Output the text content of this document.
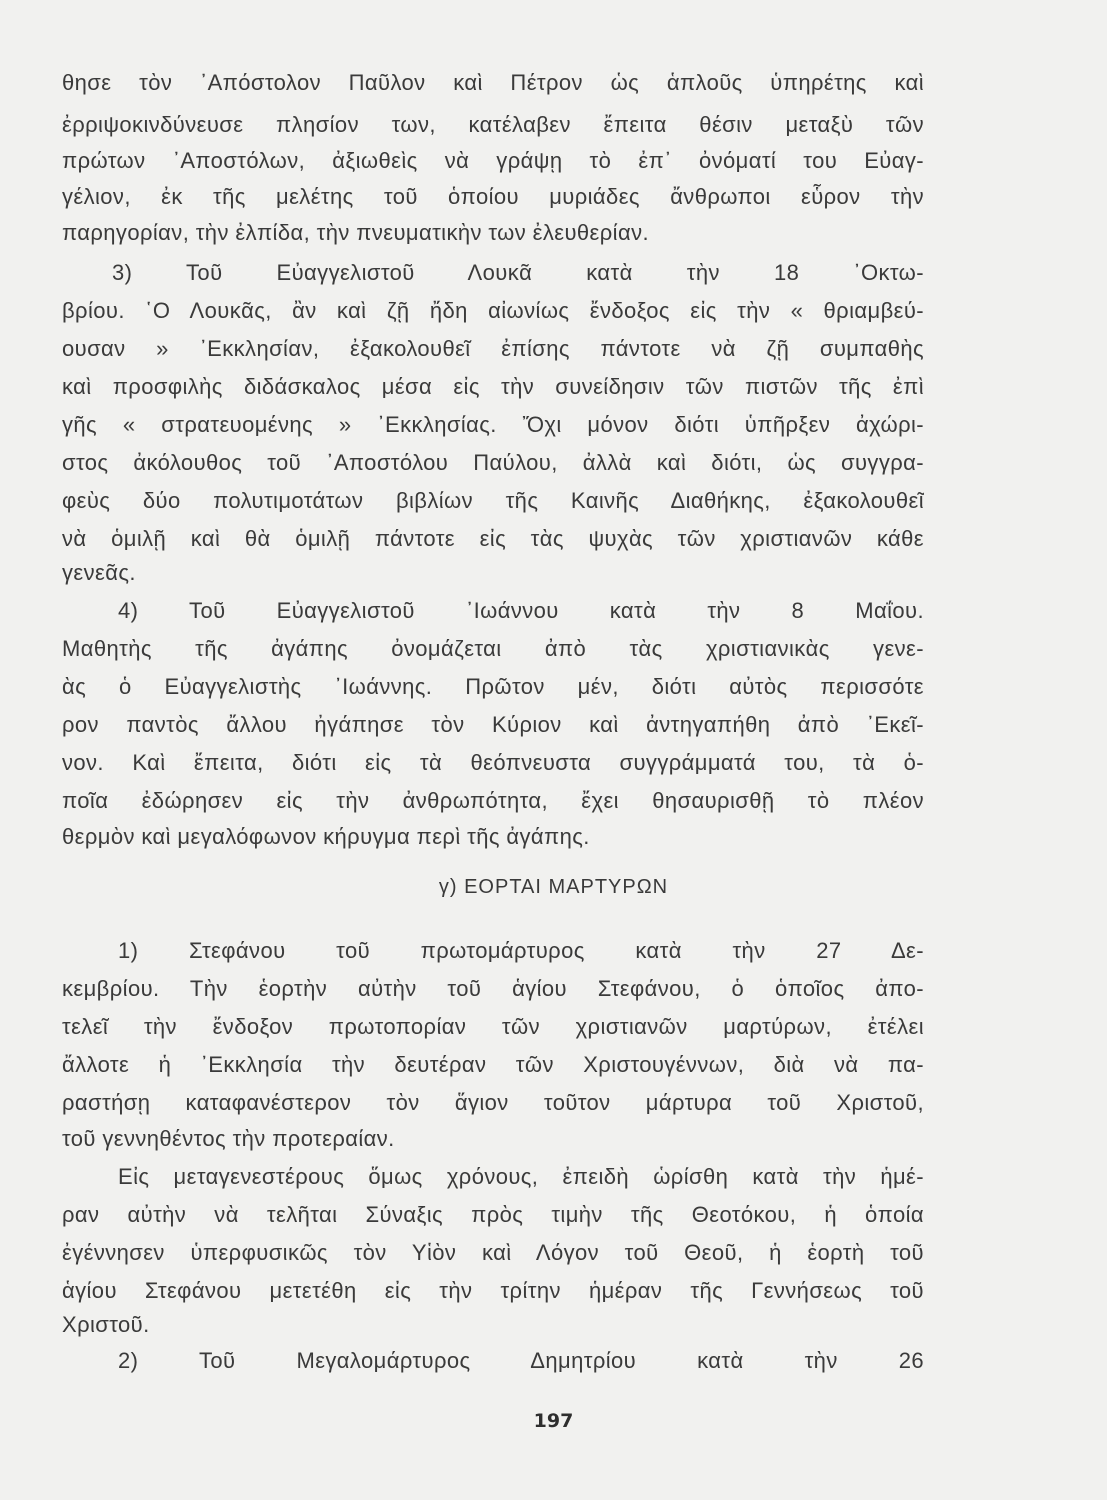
θησε τὸν ᾿Απόστολον Παῦλον καὶ Πέτρον ὡς ἁπλοῦς ὑπηρέτης καὶ
ἐρριψοκινδύνευσε πλησίον των, κατέλαβεν ἔπειτα θέσιν μεταξὺ τῶν
πρώτων ᾿Αποστόλων, ἀξιωθεὶς νὰ γράψῃ τὸ ἐπ᾿ ὀνόματί του Εὐαγ-
γέλιον, ἐκ τῆς μελέτης τοῦ ὁποίου μυριάδες ἄνθρωποι εὗρον τὴν
παρηγορίαν, τὴν ἐλπίδα, τὴν πνευματικὴν των ἐλευθερίαν.
3) Τοῦ Εὐαγγελιστοῦ Λουκᾶ κατὰ τὴν 18 ᾿Οκτω-
βρίου. ῾Ο Λουκᾶς, ἂν καὶ ζῇ ἤδη αἰωνίως ἔνδοξος εἰς τὴν « θριαμβεύ-
ουσαν » ᾿Εκκλησίαν, ἐξακολουθεῖ ἐπίσης πάντοτε νὰ ζῇ συμπαθὴς
καὶ προσφιλὴς διδάσκαλος μέσα εἰς τὴν συνείδησιν τῶν πιστῶν τῆς ἐπὶ
γῆς « στρατευομένης » ᾿Εκκλησίας. Ὄχι μόνον διότι ὑπῆρξεν ἀχώρι-
στος ἀκόλουθος τοῦ ᾿Αποστόλου Παύλου, ἀλλὰ καὶ διότι, ὡς συγγρα-
φεὺς δύο πολυτιμοτάτων βιβλίων τῆς Καινῆς Διαθήκης, ἐξακολουθεῖ
νὰ ὁμιλῇ καὶ θὰ ὁμιλῇ πάντοτε εἰς τὰς ψυχὰς τῶν χριστιανῶν κάθε
γενεᾶς.
4) Τοῦ Εὐαγγελιστοῦ ᾿Ιωάννου κατὰ τὴν 8 Μαΐου.
Μαθητὴς τῆς ἀγάπης ὀνομάζεται ἀπὸ τὰς χριστιανικὰς γενε-
ὰς ὁ Εὐαγγελιστὴς ᾿Ιωάννης. Πρῶτον μέν, διότι αὐτὸς περισσότε
ρον παντὸς ἄλλου ἠγάπησε τὸν Κύριον καὶ ἀντηγαπήθη ἀπὸ ᾿Εκεῖ-
νον. Καὶ ἔπειτα, διότι εἰς τὰ θεόπνευστα συγγράμματά του, τὰ ὁ-
ποῖα ἐδώρησεν εἰς τὴν ἀνθρωπότητα, ἔχει θησαυρισθῇ τὸ πλέον
θερμὸν καὶ μεγαλόφωνον κήρυγμα περὶ τῆς ἀγάπης.
γ) ΕΟΡΤΑΙ ΜΑΡΤΥΡΩΝ
1) Στεφάνου τοῦ πρωτομάρτυρος κατὰ τὴν 27 Δε-
κεμβρίου. Τὴν ἑορτὴν αὐτὴν τοῦ ἁγίου Στεφάνου, ὁ ὁποῖος ἀπο-
τελεῖ τὴν ἔνδοξον πρωτοπορίαν τῶν χριστιανῶν μαρτύρων, ἐτέλει
ἄλλοτε ἡ ᾿Εκκλησία τὴν δευτέραν τῶν Χριστουγέννων, διὰ νὰ πα-
ραστήσῃ καταφανέστερον τὸν ἅγιον τοῦτον μάρτυρα τοῦ Χριστοῦ,
τοῦ γεννηθέντος τὴν προτεραίαν.
Εἰς μεταγενεστέρους ὅμως χρόνους, ἐπειδὴ ὡρίσθη κατὰ τὴν ἡμέ-
ραν αὐτὴν νὰ τελῆται Σύναξις πρὸς τιμὴν τῆς Θεοτόκου, ἡ ὁποία
ἐγέννησεν ὑπερφυσικῶς τὸν Υἱὸν καὶ Λόγον τοῦ Θεοῦ, ἡ ἑορτὴ τοῦ
ἁγίου Στεφάνου μετετέθη εἰς τὴν τρίτην ἡμέραν τῆς Γεννήσεως τοῦ
Χριστοῦ.
2) Τοῦ Μεγαλομάρτυρος Δημητρίου κατὰ τὴν 26
197
